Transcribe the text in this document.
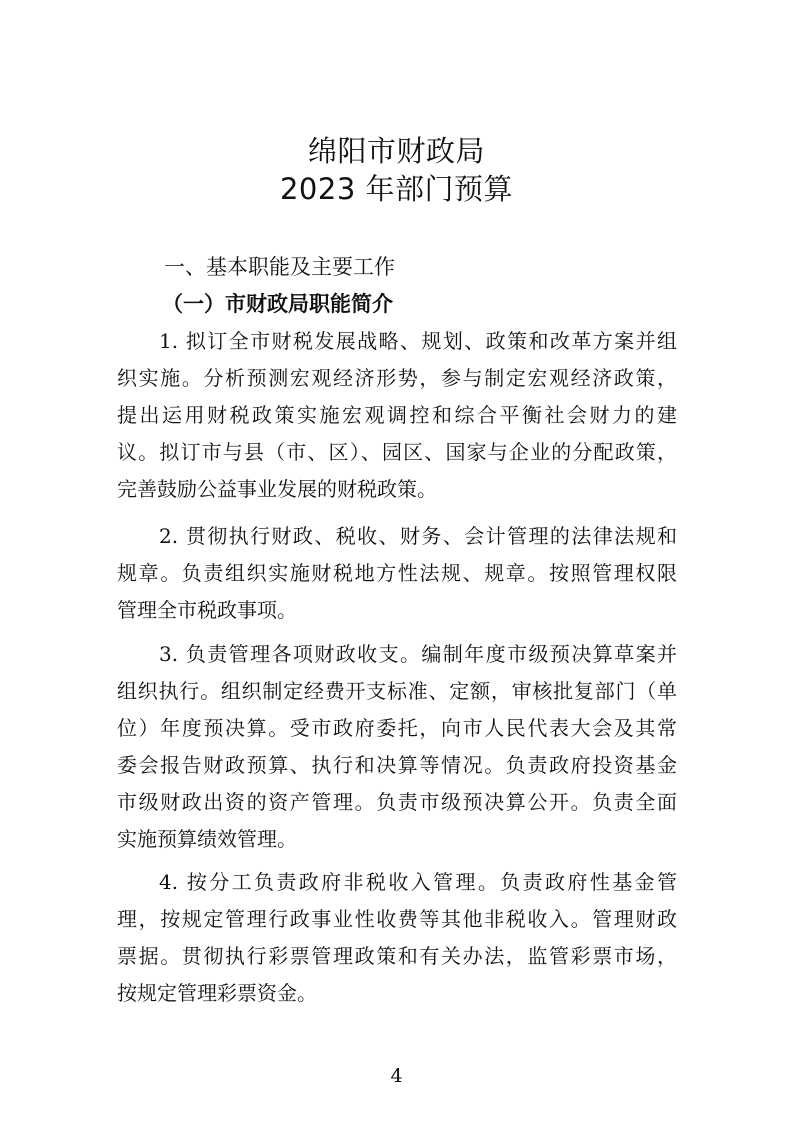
绵阳市财政局
2023 年部门预算
一、基本职能及主要工作
（一）市财政局职能简介
1. 拟订全市财税发展战略、规划、政策和改革方案并组
织实施。分析预测宏观经济形势，参与制定宏观经济政策，
提出运用财税政策实施宏观调控和综合平衡社会财力的建
议。拟订市与县（市、区）、园区、国家与企业的分配政策，
完善鼓励公益事业发展的财税政策。
2. 贯彻执行财政、税收、财务、会计管理的法律法规和
规章。负责组织实施财税地方性法规、规章。按照管理权限
管理全市税政事项。
3. 负责管理各项财政收支。编制年度市级预决算草案并
组织执行。组织制定经费开支标准、定额，审核批复部门（单
位）年度预决算。受市政府委托，向市人民代表大会及其常
委会报告财政预算、执行和决算等情况。负责政府投资基金
市级财政出资的资产管理。负责市级预决算公开。负责全面
实施预算绩效管理。
4. 按分工负责政府非税收入管理。负责政府性基金管
理，按规定管理行政事业性收费等其他非税收入。管理财政
票据。贯彻执行彩票管理政策和有关办法，监管彩票市场，
按规定管理彩票资金。
4
